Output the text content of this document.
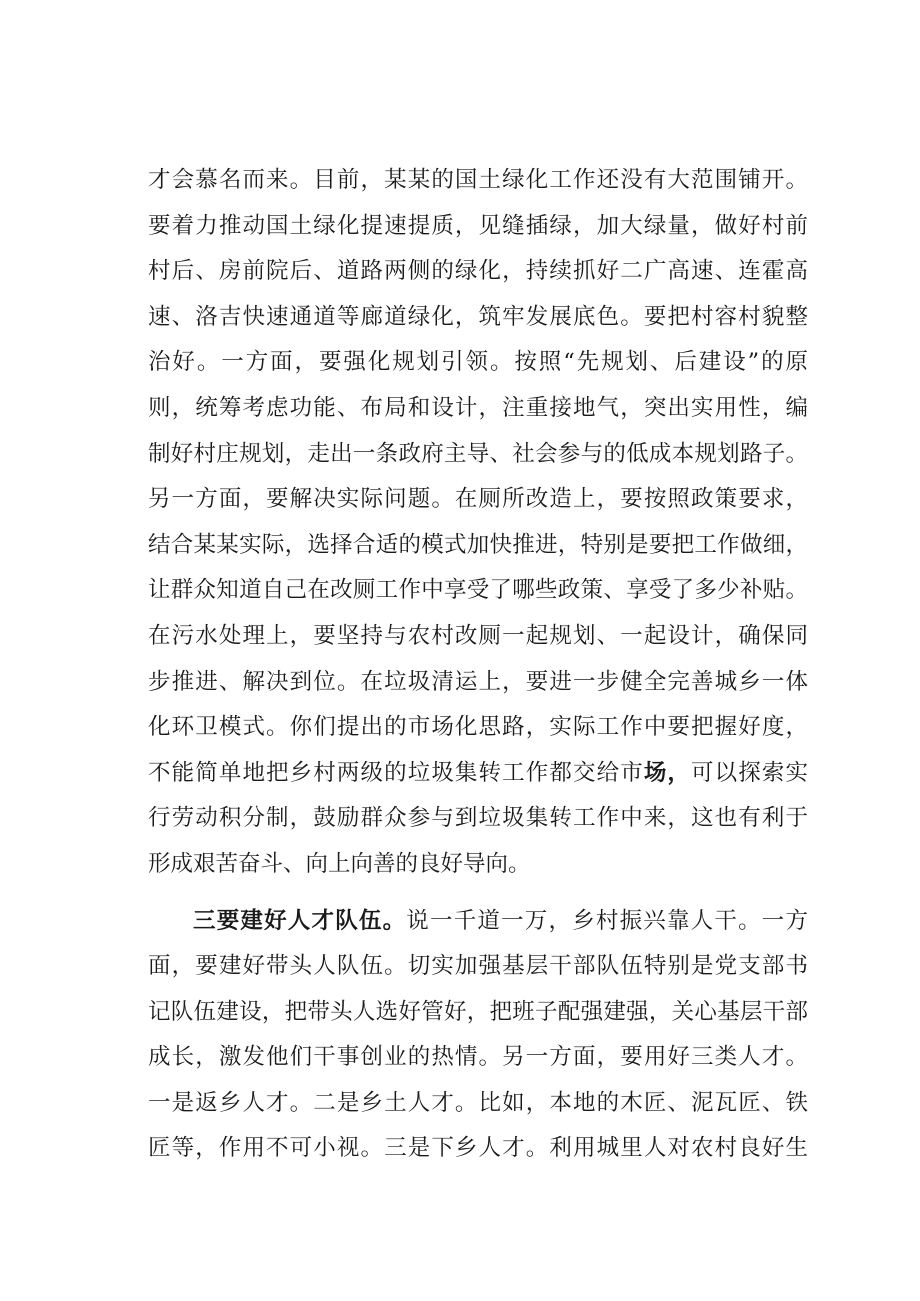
才会慕名而来。目前，某某的国土绿化工作还没有大范围铺开。
要着力推动国土绿化提速提质，见缝插绿，加大绿量，做好村前
村后、房前院后、道路两侧的绿化，持续抓好二广高速、连霍高
速、洛吉快速通道等廊道绿化，筑牢发展底色。要把村容村貌整
治好。一方面，要强化规划引领。按照“先规划、后建设”的原
则，统筹考虑功能、布局和设计，注重接地气，突出实用性，编
制好村庄规划，走出一条政府主导、社会参与的低成本规划路子。
另一方面，要解决实际问题。在厕所改造上，要按照政策要求，
结合某某实际，选择合适的模式加快推进，特别是要把工作做细，
让群众知道自己在改厕工作中享受了哪些政策、享受了多少补贴。
在污水处理上，要坚持与农村改厕一起规划、一起设计，确保同
步推进、解决到位。在垃圾清运上，要进一步健全完善城乡一体
化环卫模式。你们提出的市场化思路，实际工作中要把握好度，
不能简单地把乡村两级的垃圾集转工作都交给市场，可以探索实
行劳动积分制，鼓励群众参与到垃圾集转工作中来，这也有利于
形成艰苦奋斗、向上向善的良好导向。
三要建好人才队伍。说一千道一万，乡村振兴靠人干。一方
面，要建好带头人队伍。切实加强基层干部队伍特别是党支部书
记队伍建设，把带头人选好管好，把班子配强建强，关心基层干部
成长，激发他们干事创业的热情。另一方面，要用好三类人才。
一是返乡人才。二是乡土人才。比如，本地的木匠、泥瓦匠、铁
匠等，作用不可小视。三是下乡人才。利用城里人对农村良好生
